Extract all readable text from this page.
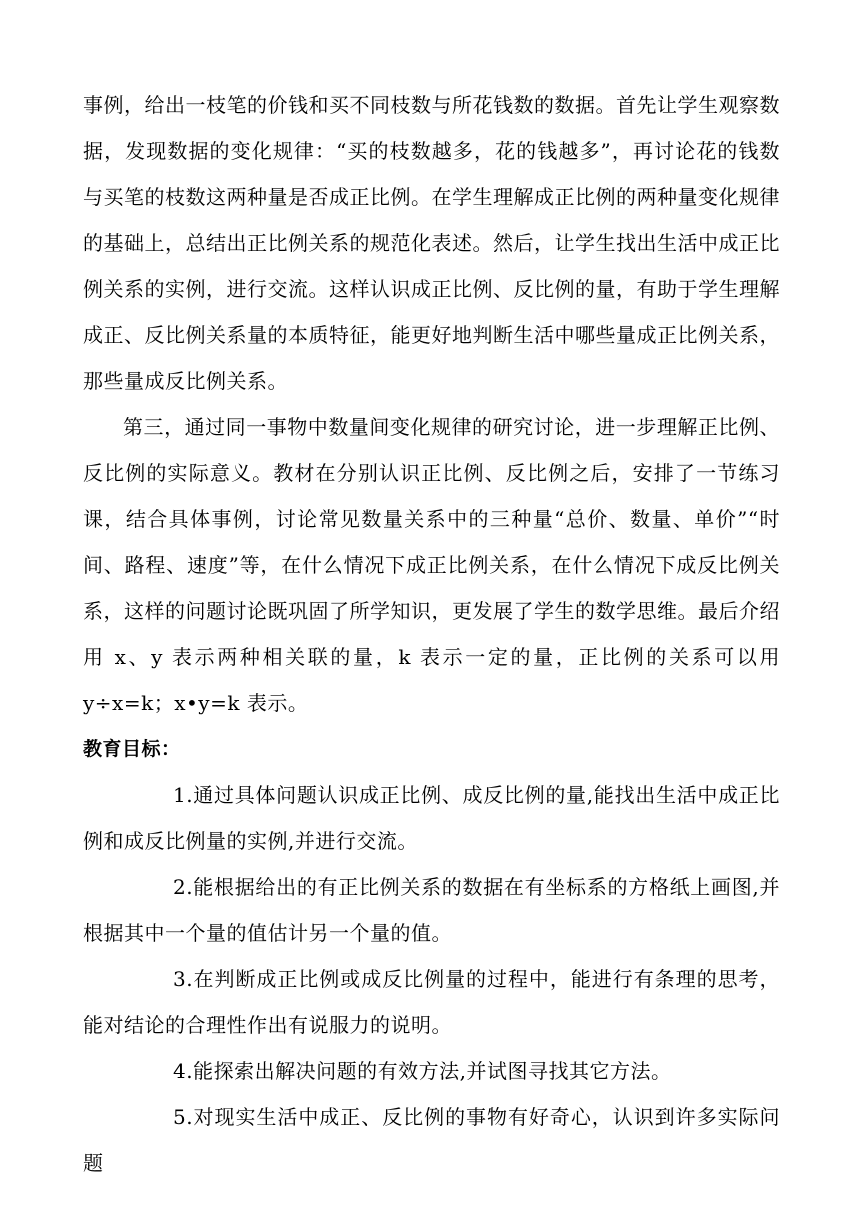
事例，给出一枝笔的价钱和买不同枝数与所花钱数的数据。首先让学生观察数据，发现数据的变化规律：“买的枝数越多，花的钱越多”，再讨论花的钱数与买笔的枝数这两种量是否成正比例。在学生理解成正比例的两种量变化规律的基础上，总结出正比例关系的规范化表述。然后，让学生找出生活中成正比例关系的实例，进行交流。这样认识成正比例、反比例的量，有助于学生理解成正、反比例关系量的本质特征，能更好地判断生活中哪些量成正比例关系，那些量成反比例关系。

第三，通过同一事物中数量间变化规律的研究讨论，进一步理解正比例、反比例的实际意义。教材在分别认识正比例、反比例之后，安排了一节练习课，结合具体事例，讨论常见数量关系中的三种量“总价、数量、单价”“时间、路程、速度”等，在什么情况下成正比例关系，在什么情况下成反比例关系，这样的问题讨论既巩固了所学知识，更发展了学生的数学思维。最后介绍用 x、y 表示两种相关联的量，k 表示一定的量，正比例的关系可以用 y÷x=k；x•y=k 表示。

教育目标：

1.通过具体问题认识成正比例、成反比例的量,能找出生活中成正比例和成反比例量的实例,并进行交流。

2.能根据给出的有正比例关系的数据在有坐标系的方格纸上画图,并根据其中一个量的值估计另一个量的值。

3.在判断成正比例或成反比例量的过程中，能进行有条理的思考，能对结论的合理性作出有说服力的说明。

4.能探索出解决问题的有效方法,并试图寻找其它方法。

5.对现实生活中成正、反比例的事物有好奇心，认识到许多实际问题
